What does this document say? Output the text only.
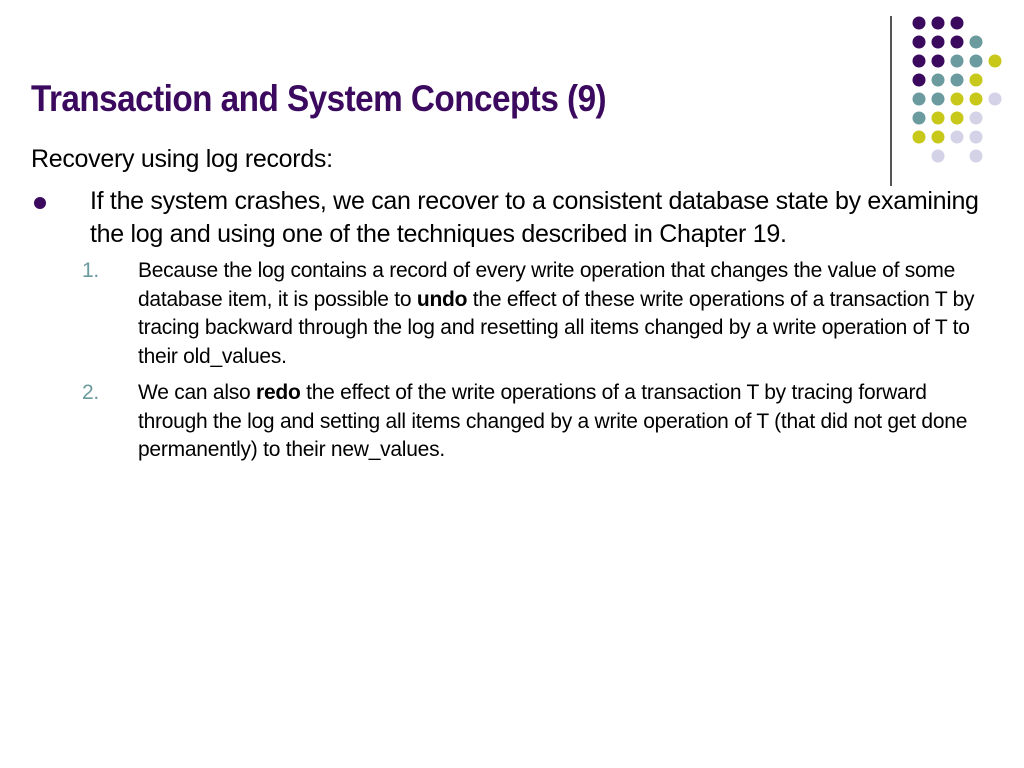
Transaction and System Concepts (9)

Recovery using log records:

If the system crashes, we can recover to a consistent database state by examining the log and using one of the techniques described in Chapter 19.
1. Because the log contains a record of every write operation that changes the value of some database item, it is possible to undo the effect of these write operations of a transaction T by tracing backward through the log and resetting all items changed by a write operation of T to their old_values.
2. We can also redo the effect of the write operations of a transaction T by tracing forward through the log and setting all items changed by a write operation of T (that did not get done permanently) to their new_values.
